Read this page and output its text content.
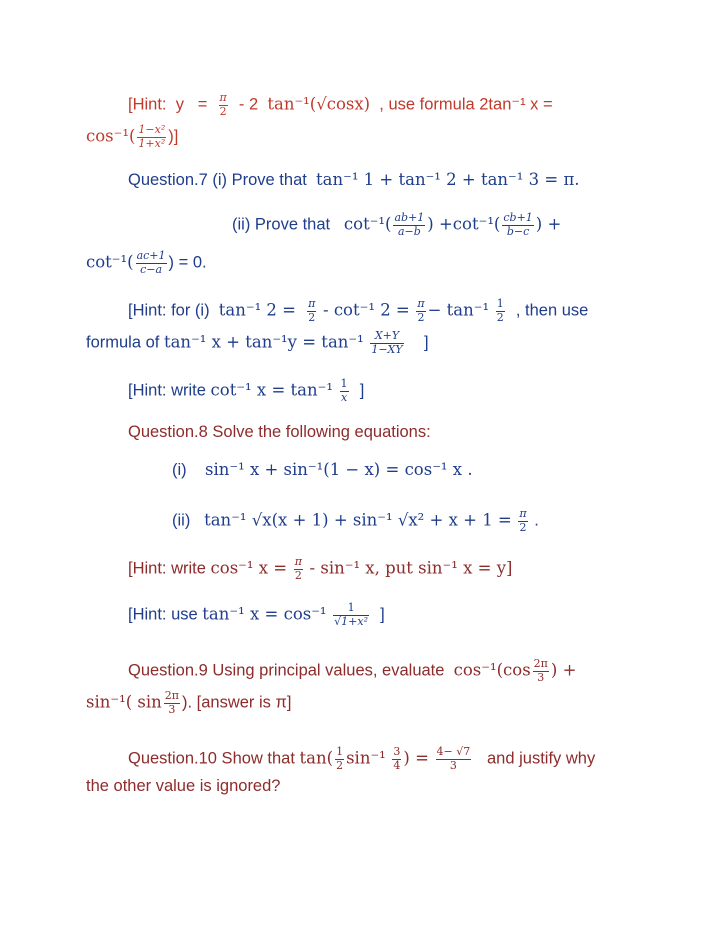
[Hint: $y = \frac{\pi}{2} - 2$ tan⁻¹(√cosx) , use formula 2tan⁻¹ x =
$\cos^{-1}( \frac{\text{1−x²}}{\text{1+x²}}$ )]
Question.7 (i) Prove that tan⁻¹ 1 + tan⁻¹ 2 + tan⁻¹ 3 = π.
(ii) Prove that $\cot^{-1}( \frac{ab+1}{a-b}$ ) $+\cot^{-1}( \frac{cb+1}{b-c}$ ) +
$\cot^{-1}( \frac{ac+1}{c-a}$ ) = 0.
[Hint: for (i) tan⁻¹ $2 = \frac{\pi}{2} - \cot^{-1}$ $2 = \frac{\pi}{2} - \tan^{-1} \frac{1}{2}$ , then use
formula of tan⁻¹ $x + \tan^{-1}y = \tan^{-1} \frac{X+Y}{1-XY}$ ]
[Hint: write cot⁻¹ $x = \tan^{-1} \frac{1}{x}$ ]
Question.8 Solve the following equations:
(i) sin⁻¹ x + sin⁻¹(1 − x) = cos⁻¹ x .
(ii) tan⁻¹ √x(x + 1) + sin⁻¹ $√x^2 + x + 1 = \frac{\pi}{2}$ .
[Hint: write cos⁻¹ $x = \frac{\pi}{2} - \sin^{-1}$ x, put sin⁻¹ x = y]
[Hint: use tan⁻¹ $x = \cos^{-1} \frac{1}{\text{√1+x²}}$ ]
Question.9 Using principal values, evaluate $\cos^{-1}(\cos \frac{2\pi}{3}$ ) +
sin⁻¹( $\sin \frac{2\pi}{3}$ ). [answer is π]
Question.10 Show that $\tan( \frac{1}{2} \sin^{-1} \frac{3}{4}$ ) = $\frac{4- √7}{3}$ and justify why
the other value is ignored?
